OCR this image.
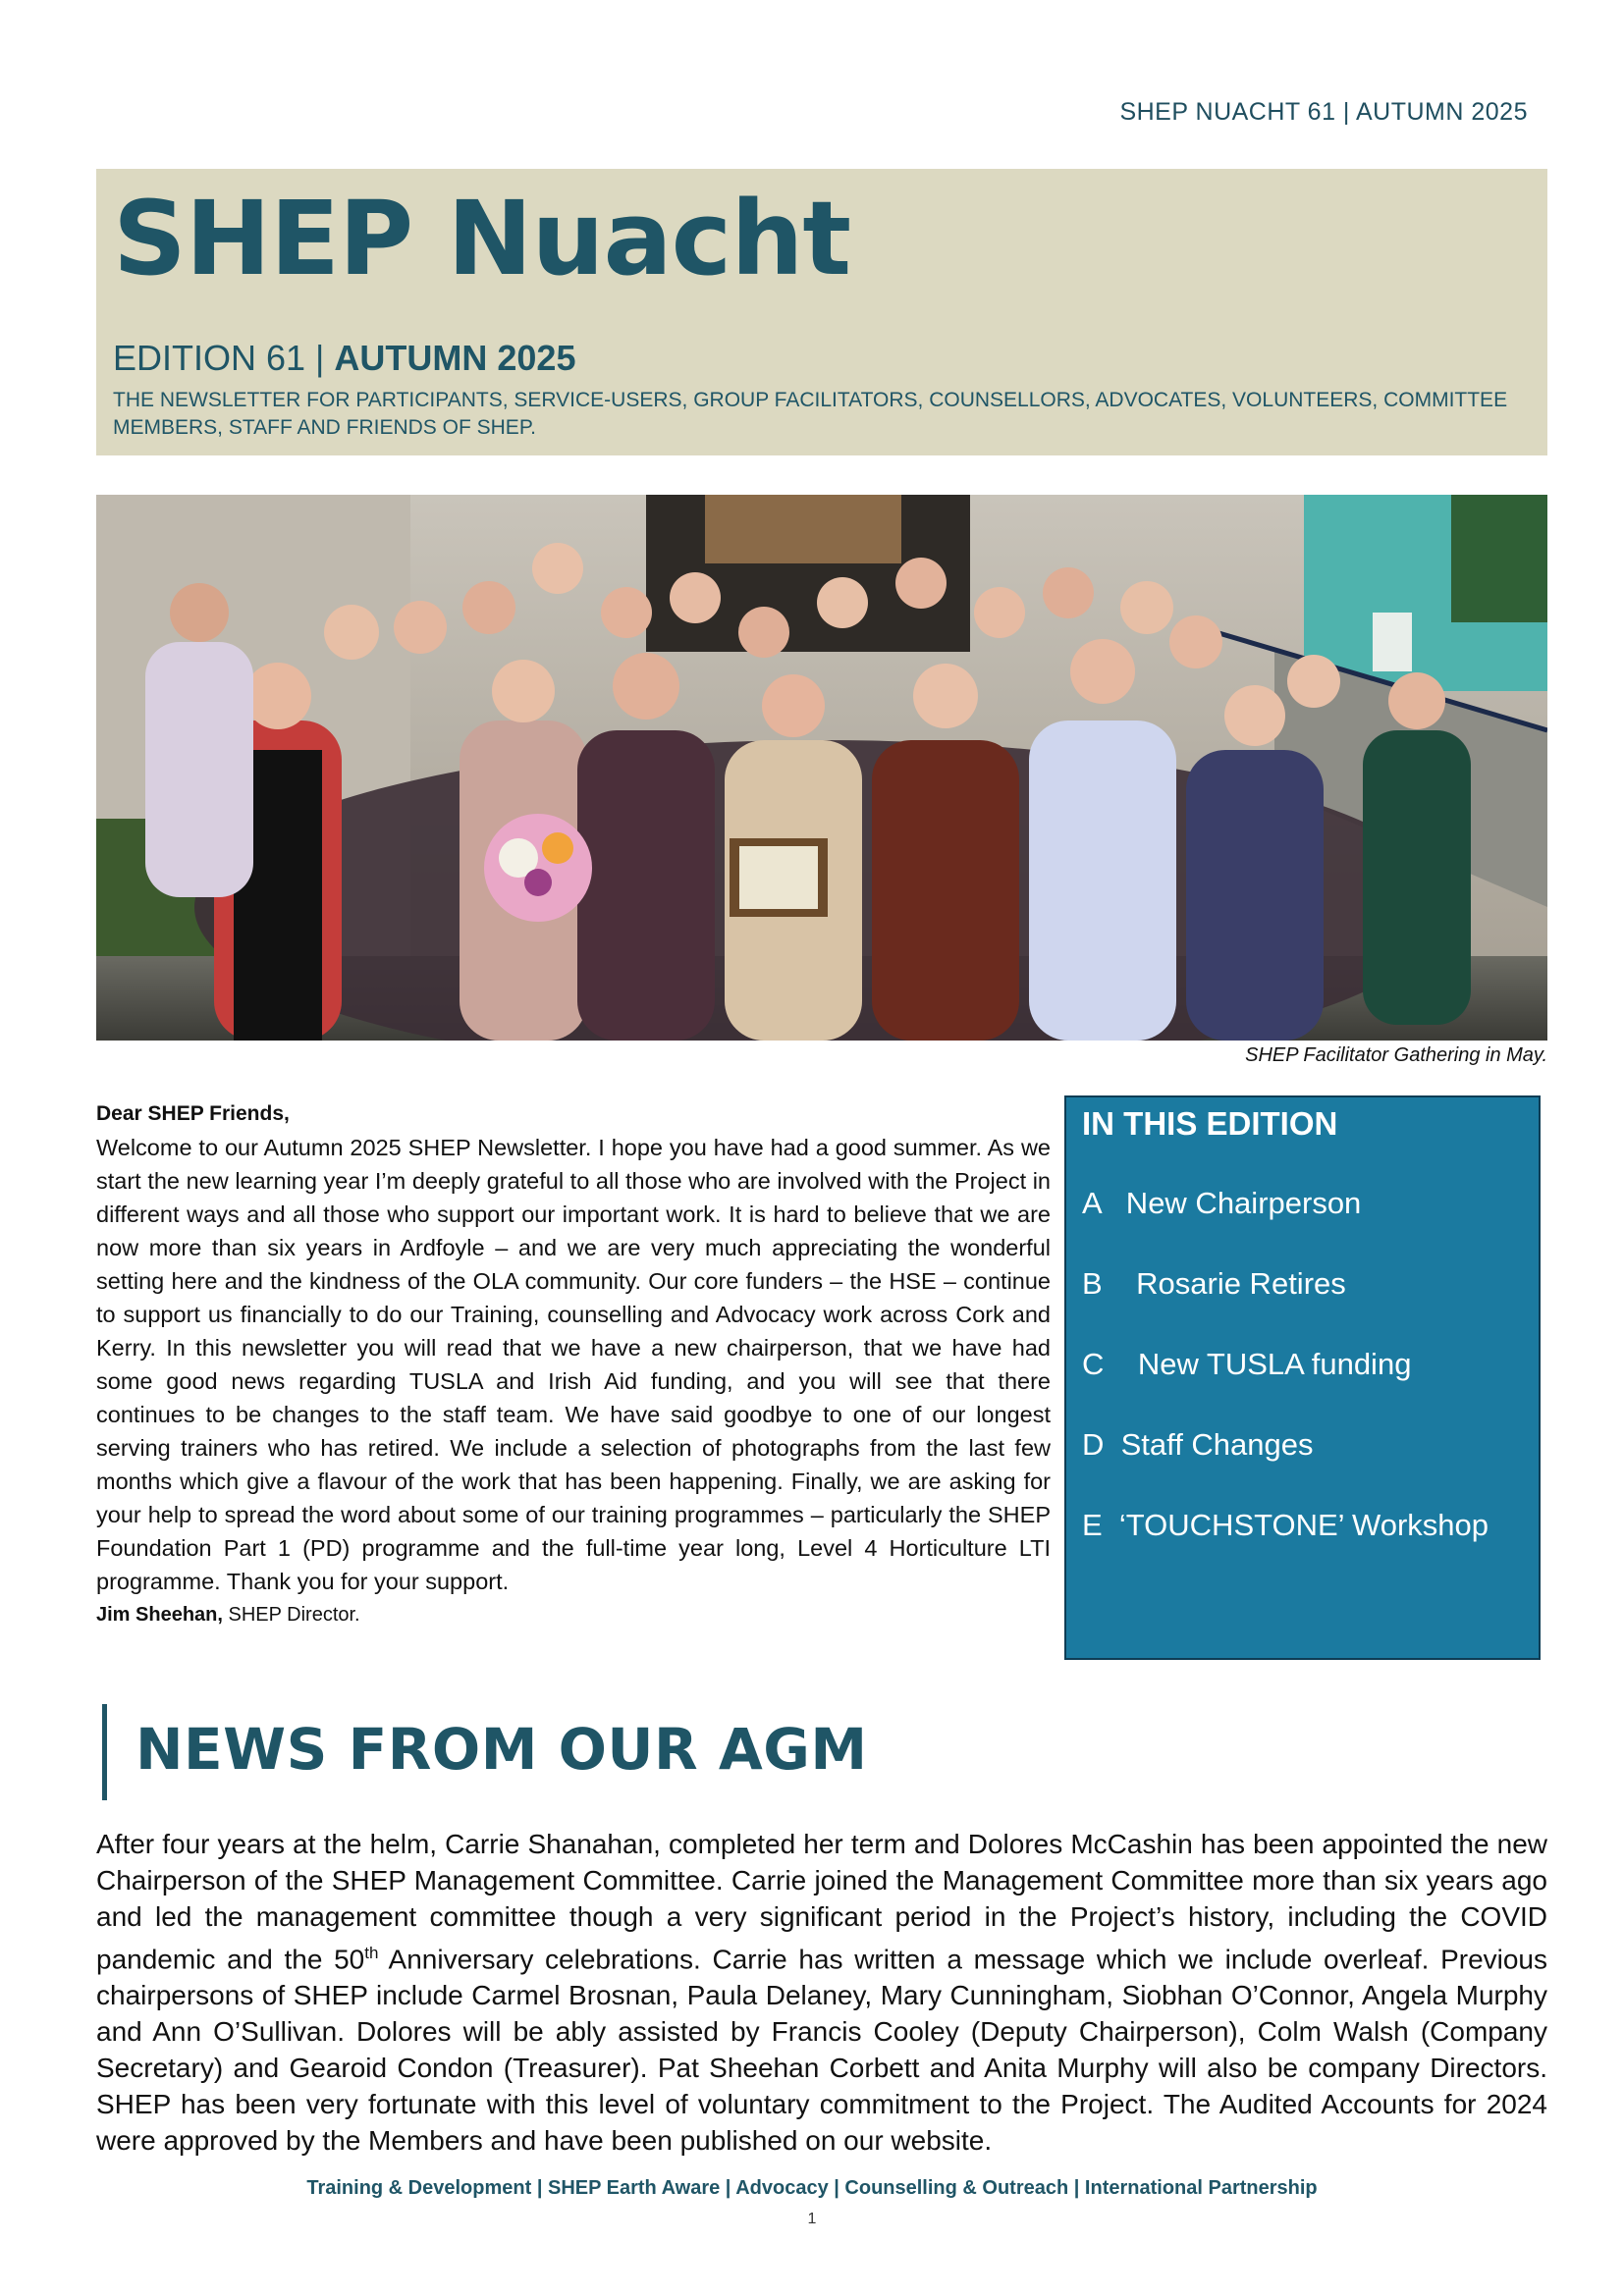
SHEP NUACHT 61 | AUTUMN 2025
SHEP Nuacht
EDITION 61 | AUTUMN 2025
THE NEWSLETTER FOR PARTICIPANTS, SERVICE-USERS, GROUP FACILITATORS, COUNSELLORS, ADVOCATES, VOLUNTEERS, COMMITTEE MEMBERS, STAFF AND FRIENDS OF SHEP.
SHEP Facilitator Gathering in May.
Dear SHEP Friends,
Welcome to our Autumn 2025 SHEP Newsletter. I hope you have had a good summer. As we start the new learning year I’m deeply grateful to all those who are involved with the Project in different ways and all those who support our important work. It is hard to believe that we are now more than six years in Ardfoyle – and we are very much appreciating the wonderful setting here and the kindness of the OLA community. Our core funders – the HSE – continue to support us financially to do our Training, counselling and Advocacy work across Cork and Kerry. In this newsletter you will read that we have a new chairperson, that we have had some good news regarding TUSLA and Irish Aid funding, and you will see that there continues to be changes to the staff team. We have said goodbye to one of our longest serving trainers who has retired. We include a selection of photographs from the last few months which give a flavour of the work that has been happening. Finally, we are asking for your help to spread the word about some of our training programmes – particularly the SHEP Foundation Part 1 (PD) programme and the full-time year long, Level 4 Horticulture LTI programme. Thank you for your support.
Jim Sheehan, SHEP Director.
IN THIS EDITION
A   New Chairperson
B    Rosarie Retires
C    New TUSLA funding
D  Staff Changes
E  ‘TOUCHSTONE’ Workshop
NEWS FROM OUR AGM
After four years at the helm, Carrie Shanahan, completed her term and Dolores McCashin has been appointed the new Chairperson of the SHEP Management Committee. Carrie joined the Management Committee more than six years ago and led the management committee though a very significant period in the Project’s history, including the COVID pandemic and the 50th Anniversary celebrations. Carrie has written a message which we include overleaf. Previous chairpersons of SHEP include Carmel Brosnan, Paula Delaney, Mary Cunningham, Siobhan O’Connor, Angela Murphy and Ann O’Sullivan. Dolores will be ably assisted by Francis Cooley (Deputy Chairperson), Colm Walsh (Company Secretary) and Gearoid Condon (Treasurer). Pat Sheehan Corbett and Anita Murphy will also be company Directors. SHEP has been very fortunate with this level of voluntary commitment to the Project. The Audited Accounts for 2024 were approved by the Members and have been published on our website.
Training & Development | SHEP Earth Aware | Advocacy | Counselling & Outreach | International Partnership
1
